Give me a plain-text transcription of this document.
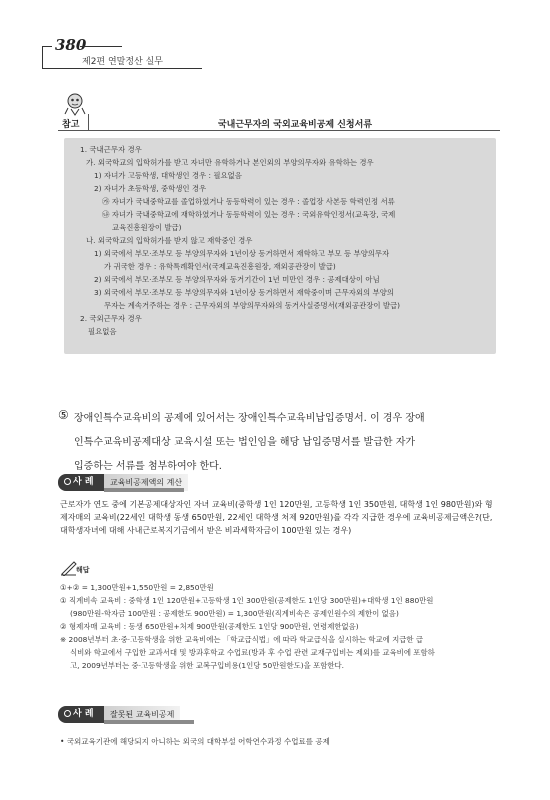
380
제2편 연말정산 실무
참고	국내근무자의 국외교육비공제 신청서류
1. 국내근무자 경우
가. 외국학교의 입학허가를 받고 자녀만 유학하거나 본인외의 부양의무자와 유학하는 경우
1) 자녀가 고등학생, 대학생인 경우 : 필요없음
2) 자녀가 초등학생, 중학생인 경우
㉮ 자녀가 국내중학교를 졸업하였거나 동등학력이 있는 경우 : 졸업장 사본등 학력인정 서류
㉯ 자녀가 국내중학교에 재학하였거나 동등학력이 있는 경우 : 국외유학인정서(교육장, 국제
교육진흥원장이 발급)
나. 외국학교의 입학허가를 받지 않고 재학중인 경우
1) 외국에서 부모·조부모 등 부양의무자와 1년이상 동거하면서 재학하고 부모 등 부양의무자
가 귀국한 경우 : 유학특례확인서(국제교육진흥원장, 재외공관장이 발급)
2) 외국에서 부모·조부모 등 부양의무자와 동거기간이 1년 미만인 경우 : 공제대상이 아님
3) 외국에서 부모·조부모 등 부양의무자와 1년이상 동거하면서 재학중이며 근무자외의 부양의
무자는 계속거주하는 경우 : 근무자외의 부양의무자와의 동거사실증명서(재외공관장이 발급)
2. 국외근무자 경우
필요없음
⑤ 장애인특수교육비의 공제에 있어서는 장애인특수교육비납입증명서. 이 경우 장애
인특수교육비공제대상 교육시설 또는 법인임을 해당 납입증명서를 발급한 자가
입증하는 서류를 첨부하여야 한다.
사 례	교육비공제액의 계산
근로자가 연도 중에 기본공제대상자인 자녀 교육비(중학생 1인 120만원, 고등학생 1인 350만원, 대학생 1인 980만원)와 형제자매의 교육비(22세인 대학생 동생 650만원, 22세인 대학생 처제 920만원)를 각각 지급한 경우에 교육비공제금액은?(단, 대학생자녀에 대해 사내근로복지기금에서 받은 비과세학자금이 100만원 있는 경우)
해답
①+② = 1,300만원+1,550만원 = 2,850만원
① 직계비속 교육비 : 중학생 1인 120만원+고등학생 1인 300만원(공제한도 1인당 300만원)+대학생 1인 880만원
(980만원-학자금 100만원 : 공제한도 900만원) = 1,300만원(직계비속은 공제인원수의 제한이 없음)
② 형제자매 교육비 : 동생 650만원+처제 900만원(공제한도 1인당 900만원, 연령제한없음)
※ 2008년부터 초·중·고등학생을 위한 교육비에는 「학교급식법」에 따라 학교급식을 실시하는 학교에 지급한 급
식비와 학교에서 구입한 교과서대 및 방과후학교 수업료(방과 후 수업 관련 교재구입비는 제외)를 교육비에 포함하
고, 2009년부터는 중·고등학생을 위한 교복구입비용(1인당 50만원한도)을 포함한다.
사 례	잘못된 교육비공제
• 국외교육기관에 해당되지 아니하는 외국의 대학부설 어학연수과정 수업료를 공제
